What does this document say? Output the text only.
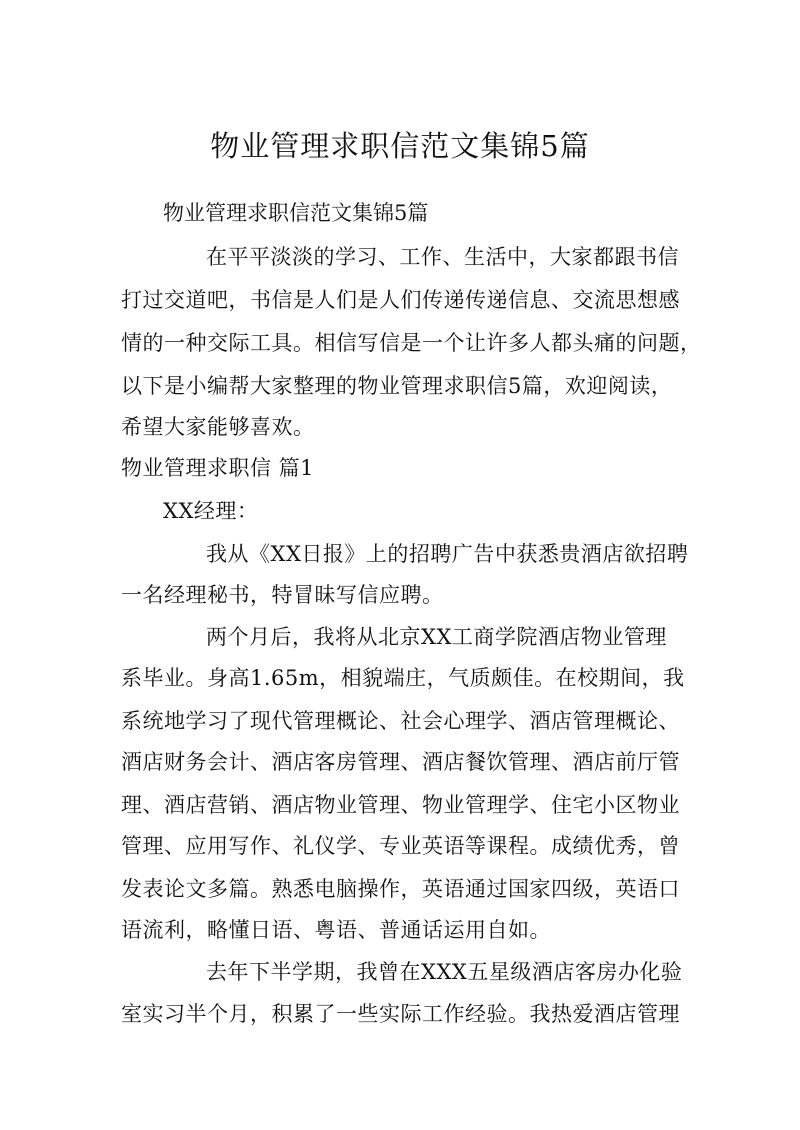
物业管理求职信范文集锦5篇

物业管理求职信范文集锦5篇

在平平淡淡的学习、工作、生活中，大家都跟书信

打过交道吧，书信是人们是人们传递传递信息、交流思想感

情的一种交际工具。相信写信是一个让许多人都头痛的问题，

以下是小编帮大家整理的物业管理求职信5篇，欢迎阅读，

希望大家能够喜欢。

物业管理求职信 篇1

XX经理：

我从《XX日报》上的招聘广告中获悉贵酒店欲招聘

一名经理秘书，特冒昧写信应聘。

两个月后，我将从北京XX工商学院酒店物业管理

系毕业。身高1.65m，相貌端庄，气质颇佳。在校期间，我

系统地学习了现代管理概论、社会心理学、酒店管理概论、

酒店财务会计、酒店客房管理、酒店餐饮管理、酒店前厅管

理、酒店营销、酒店物业管理、物业管理学、住宅小区物业

管理、应用写作、礼仪学、专业英语等课程。成绩优秀，曾

发表论文多篇。熟悉电脑操作，英语通过国家四级，英语口

语流利，略懂日语、粤语、普通话运用自如。

去年下半学期，我曾在XXX五星级酒店客房办化验

室实习半个月，积累了一些实际工作经验。我热爱酒店管理
